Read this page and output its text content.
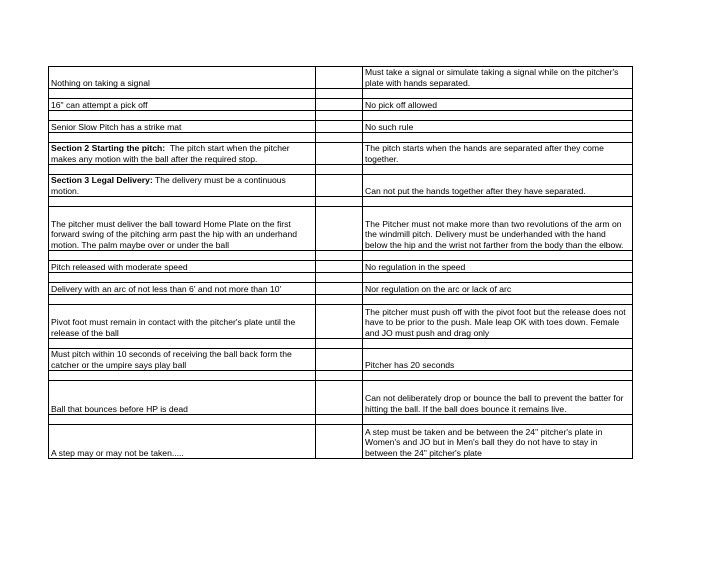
Nothing on taking a signal		Must take a signal or simulate taking a signal while on the pitcher's plate with hands separated.

16" can attempt a pick off		No pick off allowed

Senior Slow Pitch has a strike mat		No such rule

Section 2 Starting the pitch: The pitch start when the pitcher makes any motion with the ball after the required stop.		The pitch starts when the hands are separated after they come together.

Section 3 Legal Delivery: The delivery must be a continuous motion.		Can not put the hands together after they have separated.

The pitcher must deliver the ball toward Home Plate on the first forward swing of the pitching arm past the hip with an underhand motion. The palm maybe over or under the ball		The Pitcher must not make more than two revolutions of the arm on the windmill pitch. Delivery must be underhanded with the hand below the hip and the wrist not farther from the body than the elbow.

Pitch released with moderate speed		No regulation in the speed

Delivery with an arc of not less than 6' and not more than 10'		Nor regulation on the arc or lack of arc

Pivot foot must remain in contact with the pitcher's plate until the release of the ball		The pitcher must push off with the pivot foot but the release does not have to be prior to the push. Male leap OK with toes down. Female and JO must push and drag only

Must pitch within 10 seconds of receiving the ball back form the catcher or the umpire says play ball		Pitcher has 20 seconds

Ball that bounces before HP is dead		Can not deliberately drop or bounce the ball to prevent the batter for hitting the ball. If the ball does bounce it remains live.

A step may or may not be taken.....		A step must be taken and be between the 24" pitcher's plate in Women's and JO but in Men's ball they do not have to stay in between the 24" pitcher's plate
